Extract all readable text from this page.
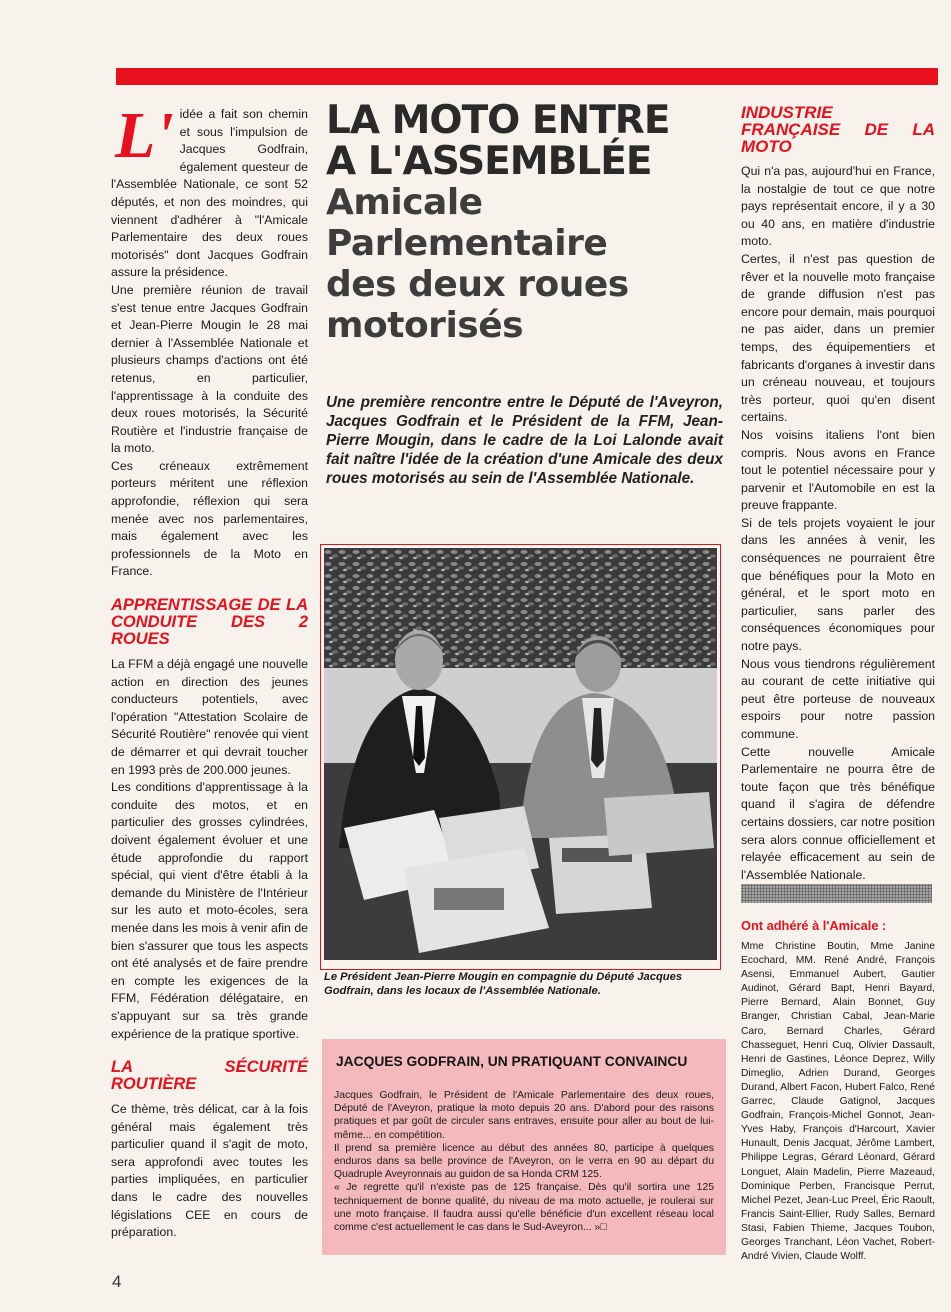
L' idée a fait son chemin et sous l'impulsion de Jacques Godfrain, également questeur de l'Assemblée Nationale, ce sont 52 députés, et non des moindres, qui viennent d'adhérer à "l'Amicale Parlementaire des deux roues motorisés" dont Jacques Godfrain assure la présidence.

Une première réunion de travail s'est tenue entre Jacques Godfrain et Jean-Pierre Mougin le 28 mai dernier à l'Assemblée Nationale et plusieurs champs d'actions ont été retenus, en particulier, l'apprentissage à la conduite des deux roues motorisés, la Sécurité Routière et l'industrie française de la moto.

Ces créneaux extrêmement porteurs méritent une réflexion approfondie, réflexion qui sera menée avec nos parlementaires, mais également avec les professionnels de la Moto en France.

APPRENTISSAGE DE LA CONDUITE DES 2 ROUES

La FFM a déjà engagé une nouvelle action en direction des jeunes conducteurs potentiels, avec l'opération "Attestation Scolaire de Sécurité Routière" renovée qui vient de démarrer et qui devrait toucher en 1993 près de 200.000 jeunes.

Les conditions d'apprentissage à la conduite des motos, et en particulier des grosses cylindrées, doivent également évoluer et une étude approfondie du rapport spécial, qui vient d'être établi à la demande du Ministère de l'Intérieur sur les auto et moto-écoles, sera menée dans les mois à venir afin de bien s'assurer que tous les aspects ont été analysés et de faire prendre en compte les exigences de la FFM, Fédération délégataire, en s'appuyant sur sa très grande expérience de la pratique sportive.

LA SÉCURITÉ ROUTIÈRE

Ce thème, très délicat, car à la fois général mais également très particulier quand il s'agit de moto, sera approfondi avec toutes les parties impliquées, en particulier dans le cadre des nouvelles législations CEE en cours de préparation.

LA MOTO ENTRE
A L'ASSEMBLÉE
Amicale
Parlementaire
des deux roues
motorisés

Une première rencontre entre le Député de l'Aveyron, Jacques Godfrain et le Président de la FFM, Jean-Pierre Mougin, dans le cadre de la Loi Lalonde avait fait naître l'idée de la création d'une Amicale des deux roues motorisés au sein de l'Assemblée Nationale.

Le Président Jean-Pierre Mougin en compagnie du Député Jacques Godfrain, dans les locaux de l'Assemblée Nationale.

JACQUES GODFRAIN, UN PRATIQUANT CONVAINCU

Jacques Godfrain, le Président de l'Amicale Parlementaire des deux roues, Député de l'Aveyron, pratique la moto depuis 20 ans. D'abord pour des raisons pratiques et par goût de circuler sans entraves, ensuite pour aller au bout de lui-même... en compétition.

Il prend sa première licence au début des années 80, participe à quelques enduros dans sa belle province de l'Aveyron, on le verra en 90 au départ du Quadruple Aveyronnais au guidon de sa Honda CRM 125.

« Je regrette qu'il n'existe pas de 125 française. Dès qu'il sortira une 125 techniquement de bonne qualité, du niveau de ma moto actuelle, je roulerai sur une moto française. Il faudra aussi qu'elle bénéficie d'un excellent réseau local comme c'est actuellement le cas dans le Sud-Aveyron... »□

INDUSTRIE FRANÇAISE DE LA MOTO

Qui n'a pas, aujourd'hui en France, la nostalgie de tout ce que notre pays représentait encore, il y a 30 ou 40 ans, en matière d'industrie moto.

Certes, il n'est pas question de rêver et la nouvelle moto française de grande diffusion n'est pas encore pour demain, mais pourquoi ne pas aider, dans un premier temps, des équipementiers et fabricants d'organes à investir dans un créneau nouveau, et toujours très porteur, quoi qu'en disent certains.

Nos voisins italiens l'ont bien compris. Nous avons en France tout le potentiel nécessaire pour y parvenir et l'Automobile en est la preuve frappante.

Si de tels projets voyaient le jour dans les années à venir, les conséquences ne pourraient être que bénéfiques pour la Moto en général, et le sport moto en particulier, sans parler des conséquences économiques pour notre pays.

Nous vous tiendrons régulièrement au courant de cette initiative qui peut être porteuse de nouveaux espoirs pour notre passion commune.

Cette nouvelle Amicale Parlementaire ne pourra être de toute façon que très bénéfique quand il s'agira de défendre certains dossiers, car notre position sera alors connue officiellement et relayée efficacement au sein de l'Assemblée Nationale.

Ont adhéré à l'Amicale :

Mme Christine Boutin, Mme Janine Ecochard, MM. René André, François Asensi, Emmanuel Aubert, Gautier Audinot, Gérard Bapt, Henri Bayard, Pierre Bernard, Alain Bonnet, Guy Branger, Christian Cabal, Jean-Marie Caro, Bernard Charles, Gérard Chasseguet, Henri Cuq, Olivier Dassault, Henri de Gastines, Léonce Deprez, Willy Dimeglio, Adrien Durand, Georges Durand, Albert Facon, Hubert Falco, René Garrec, Claude Gatignol, Jacques Godfrain, François-Michel Gonnot, Jean-Yves Haby, François d'Harcourt, Xavier Hunault, Denis Jacquat, Jérôme Lambert, Philippe Legras, Gérard Léonard, Gérard Longuet, Alain Madelin, Pierre Mazeaud, Dominique Perben, Francisque Perrut, Michel Pezet, Jean-Luc Preel, Éric Raoult, Francis Saint-Ellier, Rudy Salles, Bernard Stasi, Fabien Thieme, Jacques Toubon, Georges Tranchant, Léon Vachet, Robert-André Vivien, Claude Wolff.

4
